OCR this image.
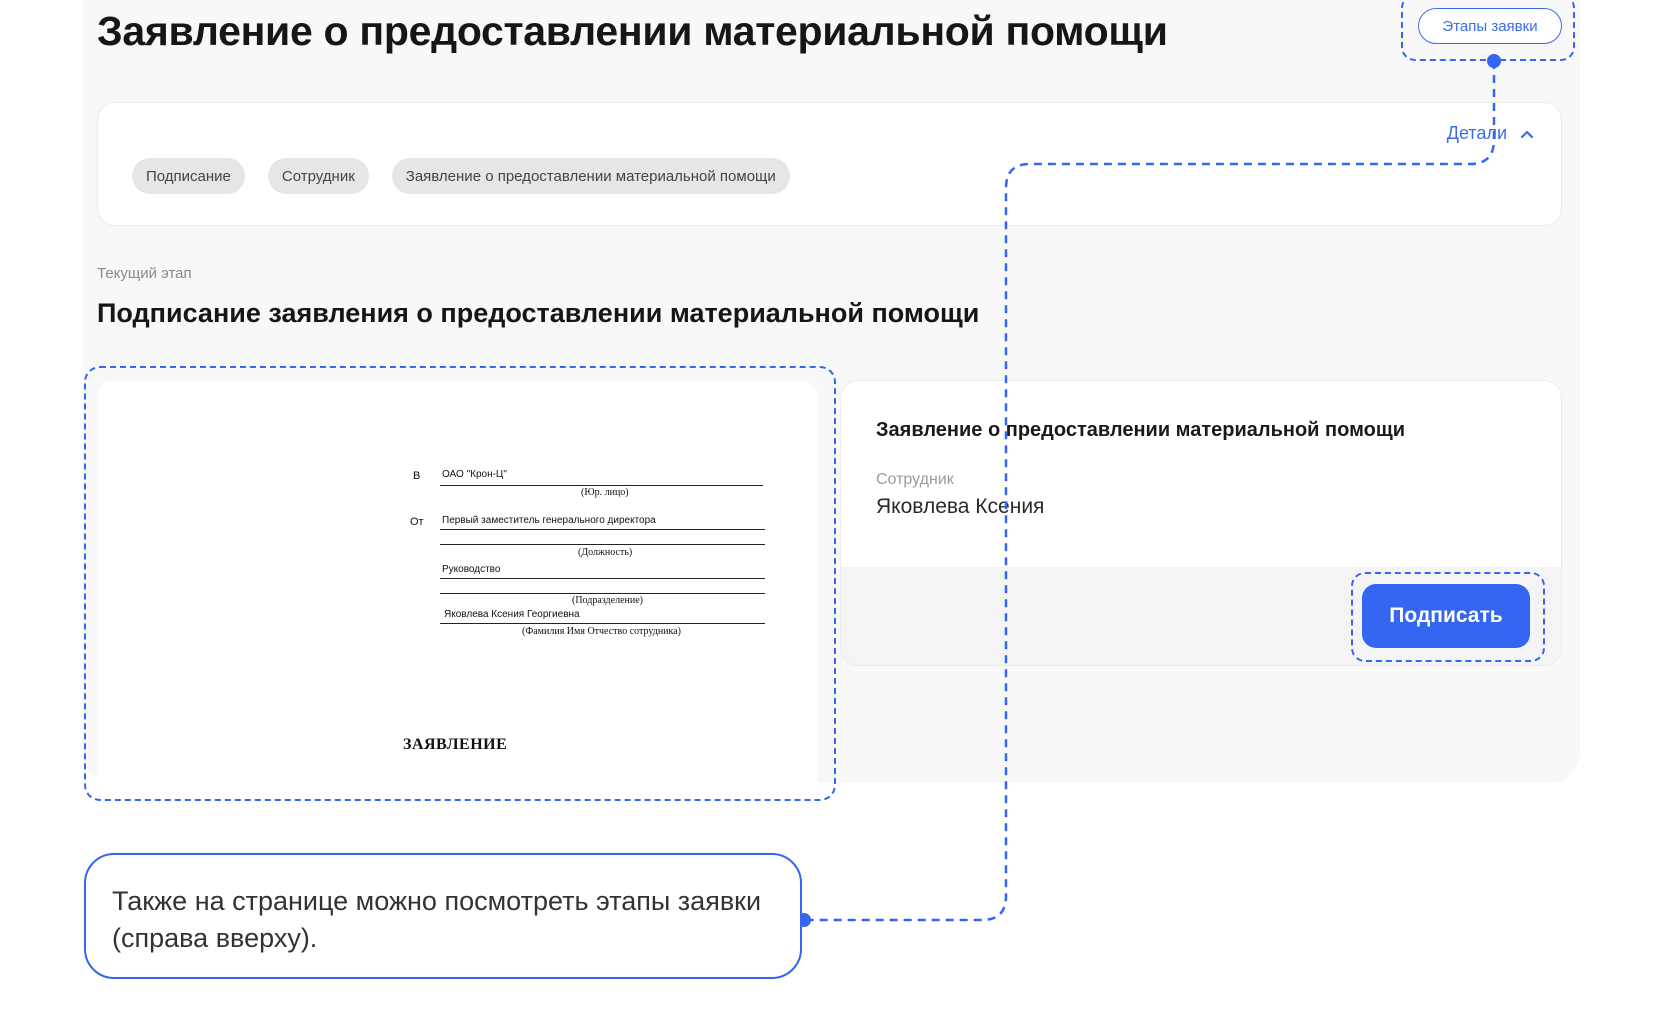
Заявление о предоставлении материальной помощи	Этапы заявки
Детали
Подписание	Сотрудник	Заявление о предоставлении материальной помощи
Текущий этап
Подписание заявления о предоставлении материальной помощи
В ОАО "Крон-Ц"
(Юр. лицо)
От Первый заместитель генерального директора
(Должность)
Руководство
(Подразделение)
Яковлева Ксения Георгиевна
(Фамилия Имя Отчество сотрудника)
ЗАЯВЛЕНИЕ
Заявление о предоставлении материальной помощи
Сотрудник
Яковлева Ксения
Подписать
Также на странице можно посмотреть этапы заявки (справа вверху).
